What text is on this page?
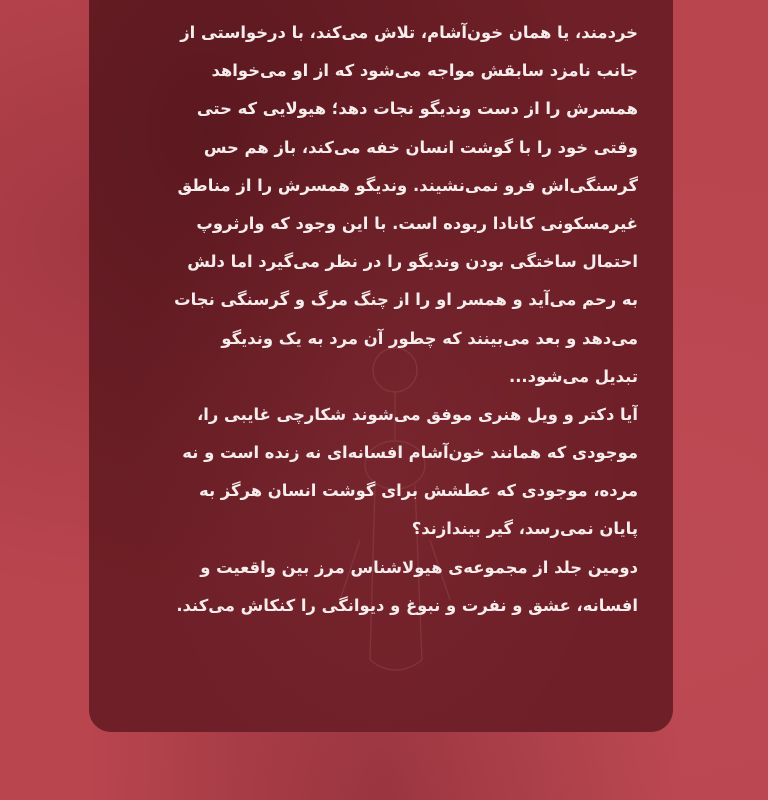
خردمند، یا همان خون‌آشام، تلاش می‌کند، با درخواستی از
جانب نامزد سابقش مواجه می‌شود که از او می‌خواهد
همسرش را از دست وندیگو نجات دهد؛ هیولایی که حتی
وقتی خود را با گوشت انسان خفه می‌کند، باز هم حس
گرسنگی‌اش فرو نمی‌نشیند. وندیگو همسرش را از مناطق
غیرمسکونی کانادا ربوده است. با این وجود که وارثروپ
احتمال ساختگی بودن وندیگو را در نظر می‌گیرد اما دلش
به رحم می‌آید و همسر او را از چنگ مرگ و گرسنگی نجات
می‌دهد و بعد می‌بینند که چطور آن مرد به یک وندیگو
تبدیل می‌شود...
آیا دکتر و ویل هنری موفق می‌شوند شکارچی غایبی را،
موجودی که همانند خون‌آشام افسانه‌ای نه زنده است و نه
مرده، موجودی که عطشش برای گوشت انسان هرگز به
پایان نمی‌رسد، گیر بیندازند؟
دومین جلد از مجموعه‌ی هیولاشناس مرز بین واقعیت و
افسانه، عشق و نفرت و نبوغ و دیوانگی را کنکاش می‌کند.
